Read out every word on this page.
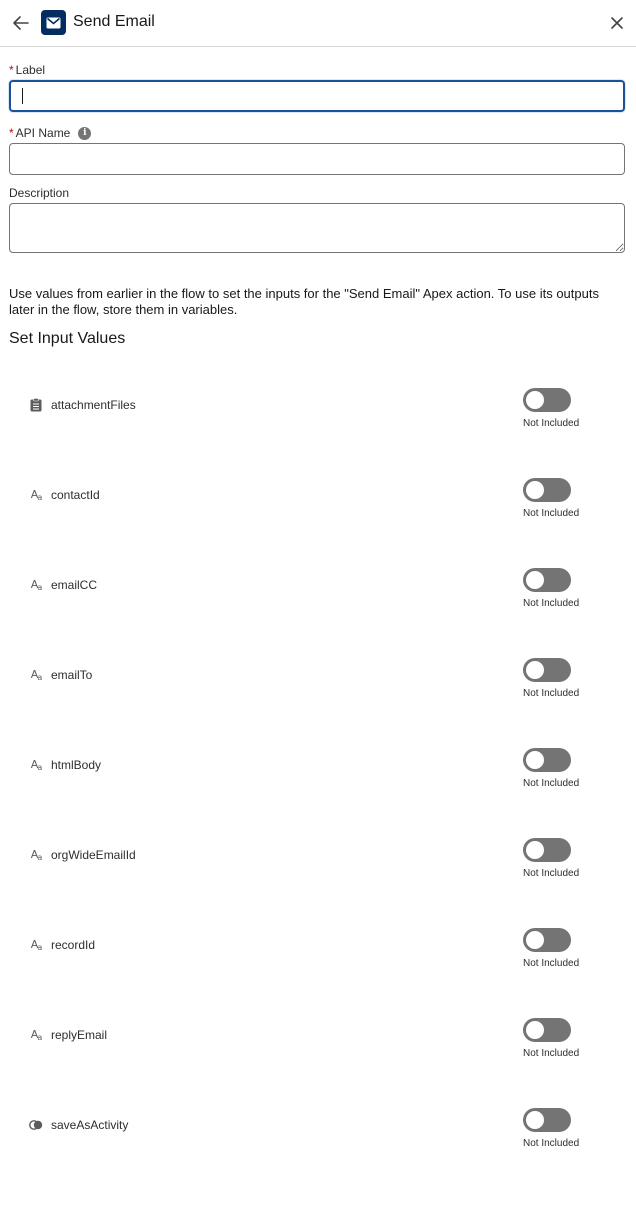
Send Email
* Label
* API Name	i
Description
Use values from earlier in the flow to set the inputs for the "Send Email" Apex action. To use its outputs later in the flow, store them in variables.
Set Input Values
attachmentFiles
Not Included
$A_a$ contactId
Not Included
$A_a$ emailCC
Not Included
$A_a$ emailTo
Not Included
$A_a$ htmlBody
Not Included
$A_a$ orgWideEmailId
Not Included
$A_a$ recordId
Not Included
$A_a$ replyEmail
Not Included
saveAsActivity
Not Included
